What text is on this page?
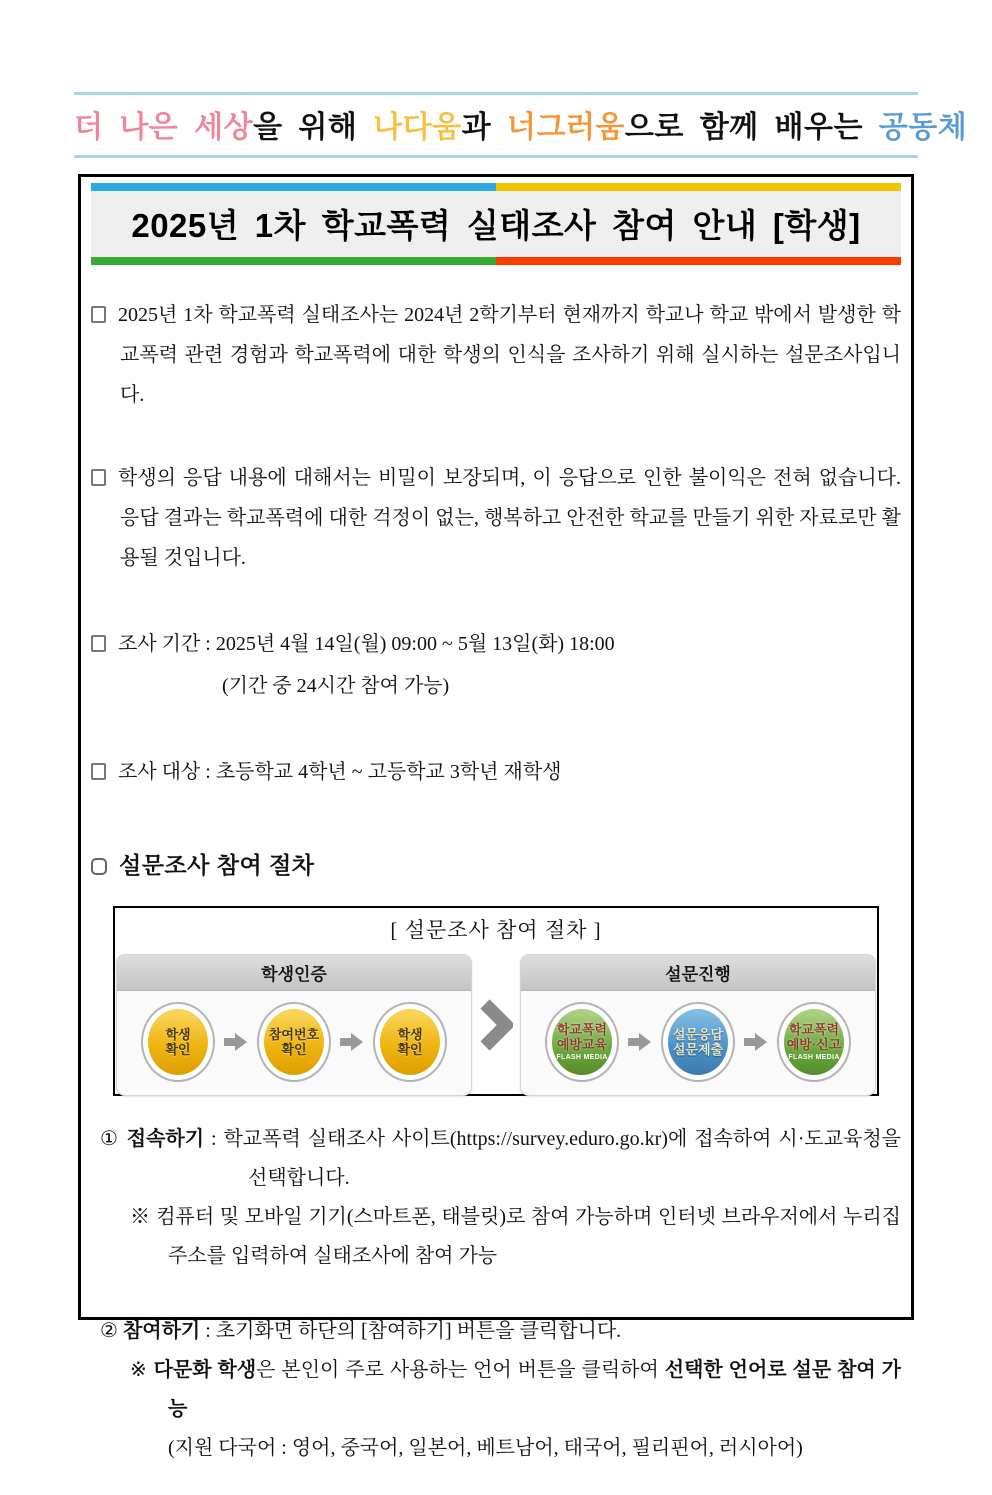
더 나은 세상을 위해 나다움과 너그러움으로 함께 배우는 공동체
2025년 1차 학교폭력 실태조사 참여 안내 [학생]
2025년 1차 학교폭력 실태조사는 2024년 2학기부터 현재까지 학교나 학교 밖에서 발생한 학교폭력 관련 경험과 학교폭력에 대한 학생의 인식을 조사하기 위해 실시하는 설문조사입니다.
학생의 응답 내용에 대해서는 비밀이 보장되며, 이 응답으로 인한 불이익은 전혀 없습니다. 응답 결과는 학교폭력에 대한 걱정이 없는, 행복하고 안전한 학교를 만들기 위한 자료로만 활용될 것입니다.
조사 기간 : 2025년 4월 14일(월) 09:00 ~ 5월 13일(화) 18:00
(기간 중 24시간 참여 가능)
조사 대상 : 초등학교 4학년 ~ 고등학교 3학년 재학생
설문조사 참여 절차
[ 설문조사 참여 절차 ]
학생인증
학생
확인
참여번호
확인
학생
확인
설문진행
학교폭력
예방교육
FLASH MEDIA
설문응답
설문제출
학교폭력
예방·신고
FLASH MEDIA
① 접속하기 : 학교폭력 실태조사 사이트(https://survey.eduro.go.kr)에 접속하여 시·도교육청을 선택합니다.
※ 컴퓨터 및 모바일 기기(스마트폰, 태블릿)로 참여 가능하며 인터넷 브라우저에서 누리집 주소를 입력하여 실태조사에 참여 가능
② 참여하기 : 초기화면 하단의 [참여하기] 버튼을 클릭합니다.
※ 다문화 학생은 본인이 주로 사용하는 언어 버튼을 클릭하여 선택한 언어로 설문 참여 가능
(지원 다국어 : 영어, 중국어, 일본어, 베트남어, 태국어, 필리핀어, 러시아어)
